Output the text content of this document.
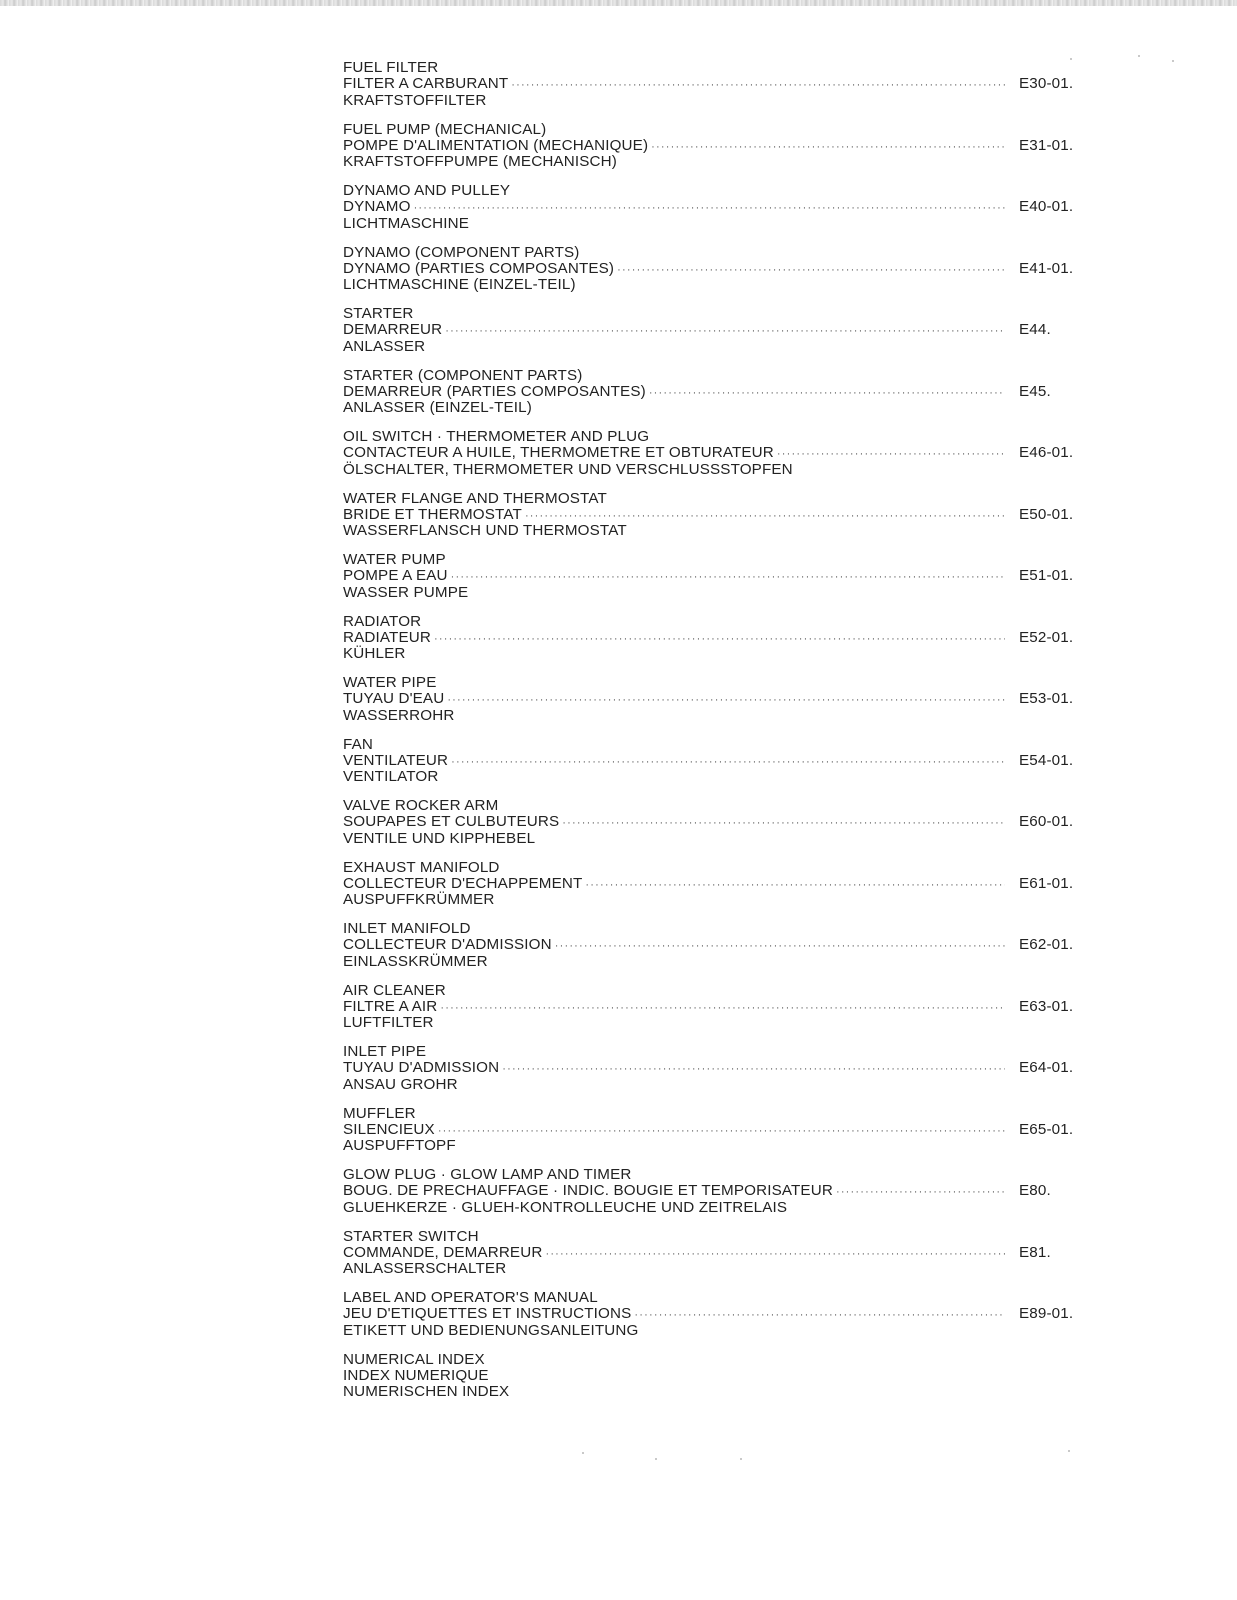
FUEL FILTER
FILTER A CARBURANT ·····	E30-01.
KRAFTSTOFFILTER
FUEL PUMP (MECHANICAL)
POMPE D'ALIMENTATION (MECHANIQUE) ·····	E31-01.
KRAFTSTOFFPUMPE (MECHANISCH)
DYNAMO AND PULLEY
DYNAMO ·····	E40-01.
LICHTMASCHINE
DYNAMO (COMPONENT PARTS)
DYNAMO (PARTIES COMPOSANTES) ·····	E41-01.
LICHTMASCHINE (EINZEL-TEIL)
STARTER
DEMARREUR ·····	E44.
ANLASSER
STARTER (COMPONENT PARTS)
DEMARREUR (PARTIES COMPOSANTES) ·····	E45.
ANLASSER (EINZEL-TEIL)
OIL SWITCH · THERMOMETER AND PLUG
CONTACTEUR A HUILE, THERMOMETRE ET OBTURATEUR ·····	E46-01.
ÖLSCHALTER, THERMOMETER UND VERSCHLUSSSTOPFEN
WATER FLANGE AND THERMOSTAT
BRIDE ET THERMOSTAT ·····	E50-01.
WASSERFLANSCH UND THERMOSTAT
WATER PUMP
POMPE A EAU ·····	E51-01.
WASSER PUMPE
RADIATOR
RADIATEUR ·····	E52-01.
KÜHLER
WATER PIPE
TUYAU D'EAU ·····	E53-01.
WASSERROHR
FAN
VENTILATEUR ·····	E54-01.
VENTILATOR
VALVE ROCKER ARM
SOUPAPES ET CULBUTEURS ·····	E60-01.
VENTILE UND KIPPHEBEL
EXHAUST MANIFOLD
COLLECTEUR D'ECHAPPEMENT ·····	E61-01.
AUSPUFFKRÜMMER
INLET MANIFOLD
COLLECTEUR D'ADMISSION ·····	E62-01.
EINLASSKRÜMMER
AIR CLEANER
FILTRE A AIR ·····	E63-01.
LUFTFILTER
INLET PIPE
TUYAU D'ADMISSION ·····	E64-01.
ANSAU GROHR
MUFFLER
SILENCIEUX ·····	E65-01.
AUSPUFFTOPF
GLOW PLUG · GLOW LAMP AND TIMER
BOUG. DE PRECHAUFFAGE · INDIC. BOUGIE ET TEMPORISATEUR ·····	E80.
GLUEHKERZE · GLUEH-KONTROLLEUCHE UND ZEITRELAIS
STARTER SWITCH
COMMANDE, DEMARREUR ·····	E81.
ANLASSERSCHALTER
LABEL AND OPERATOR'S MANUAL
JEU D'ETIQUETTES ET INSTRUCTIONS ·····	E89-01.
ETIKETT UND BEDIENUNGSANLEITUNG
NUMERICAL INDEX
INDEX NUMERIQUE
NUMERISCHEN INDEX
